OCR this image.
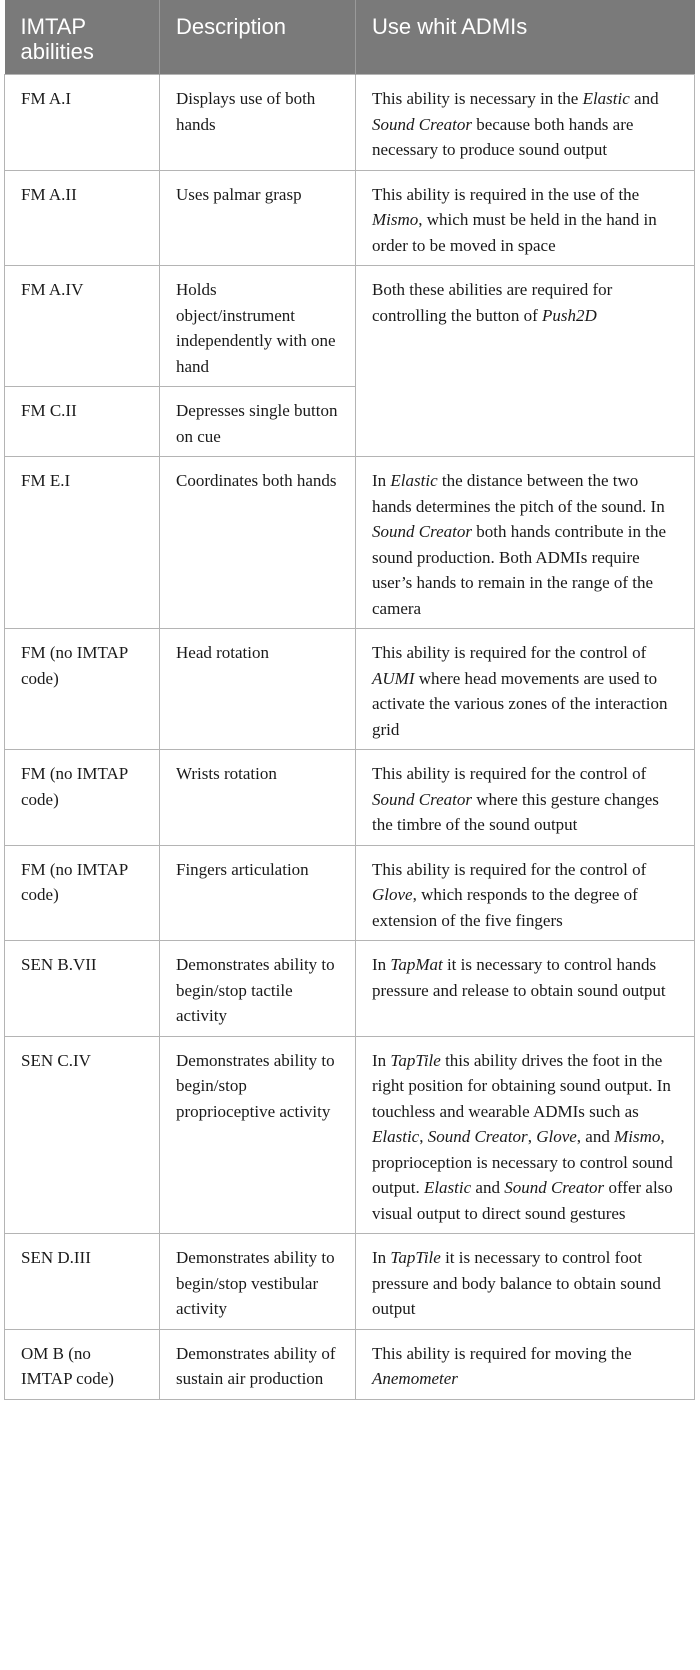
IMTAP abilities	Description	Use whit ADMIs
FM A.I	Displays use of both hands	This ability is necessary in the Elastic and Sound Creator because both hands are necessary to produce sound output
FM A.II	Uses palmar grasp	This ability is required in the use of the Mismo, which must be held in the hand in order to be moved in space
FM A.IV	Holds object/instrument independently with one hand	Both these abilities are required for controlling the button of Push2D
FM C.II	Depresses single button on cue	
FM E.I	Coordinates both hands	In Elastic the distance between the two hands determines the pitch of the sound. In Sound Creator both hands contribute in the sound production. Both ADMIs require user’s hands to remain in the range of the camera
FM (no IMTAP code)	Head rotation	This ability is required for the control of AUMI where head movements are used to activate the various zones of the interaction grid
FM (no IMTAP code)	Wrists rotation	This ability is required for the control of Sound Creator where this gesture changes the timbre of the sound output
FM (no IMTAP code)	Fingers articulation	This ability is required for the control of Glove, which responds to the degree of extension of the five fingers
SEN B.VII	Demonstrates ability to begin/stop tactile activity	In TapMat it is necessary to control hands pressure and release to obtain sound output
SEN C.IV	Demonstrates ability to begin/stop proprioceptive activity	In TapTile this ability drives the foot in the right position for obtaining sound output. In touchless and wearable ADMIs such as Elastic, Sound Creator, Glove, and Mismo, proprioception is necessary to control sound output. Elastic and Sound Creator offer also visual output to direct sound gestures
SEN D.III	Demonstrates ability to begin/stop vestibular activity	In TapTile it is necessary to control foot pressure and body balance to obtain sound output
OM B (no IMTAP code)	Demonstrates ability of sustain air production	This ability is required for moving the Anemometer
